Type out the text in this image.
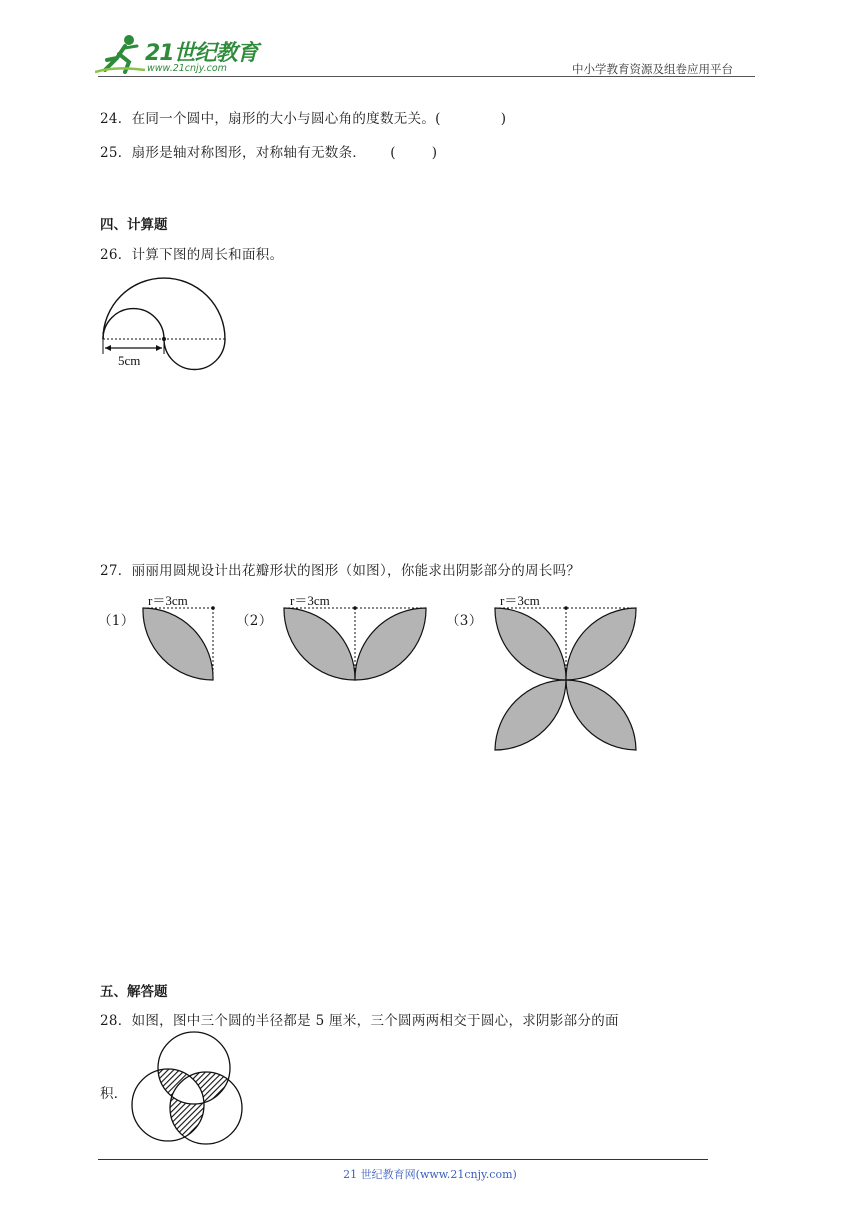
21世纪教育
www.21cnjy.com	中小学教育资源及组卷应用平台
24．在同一个圆中，扇形的大小与圆心角的度数无关。(	)
25．扇形是轴对称图形，对称轴有无数条． (	)
四、计算题
26．计算下图的周长和面积。
5cm
27．丽丽用圆规设计出花瓣形状的图形（如图），你能求出阴影部分的周长吗？
（1）	（2）	（3）
r＝3cm	r＝3cm	r＝3cm
五、解答题
28．如图，图中三个圆的半径都是 5 厘米，三个圆两两相交于圆心，求阴影部分的面
积．
21 世纪教育网(www.21cnjy.com)
